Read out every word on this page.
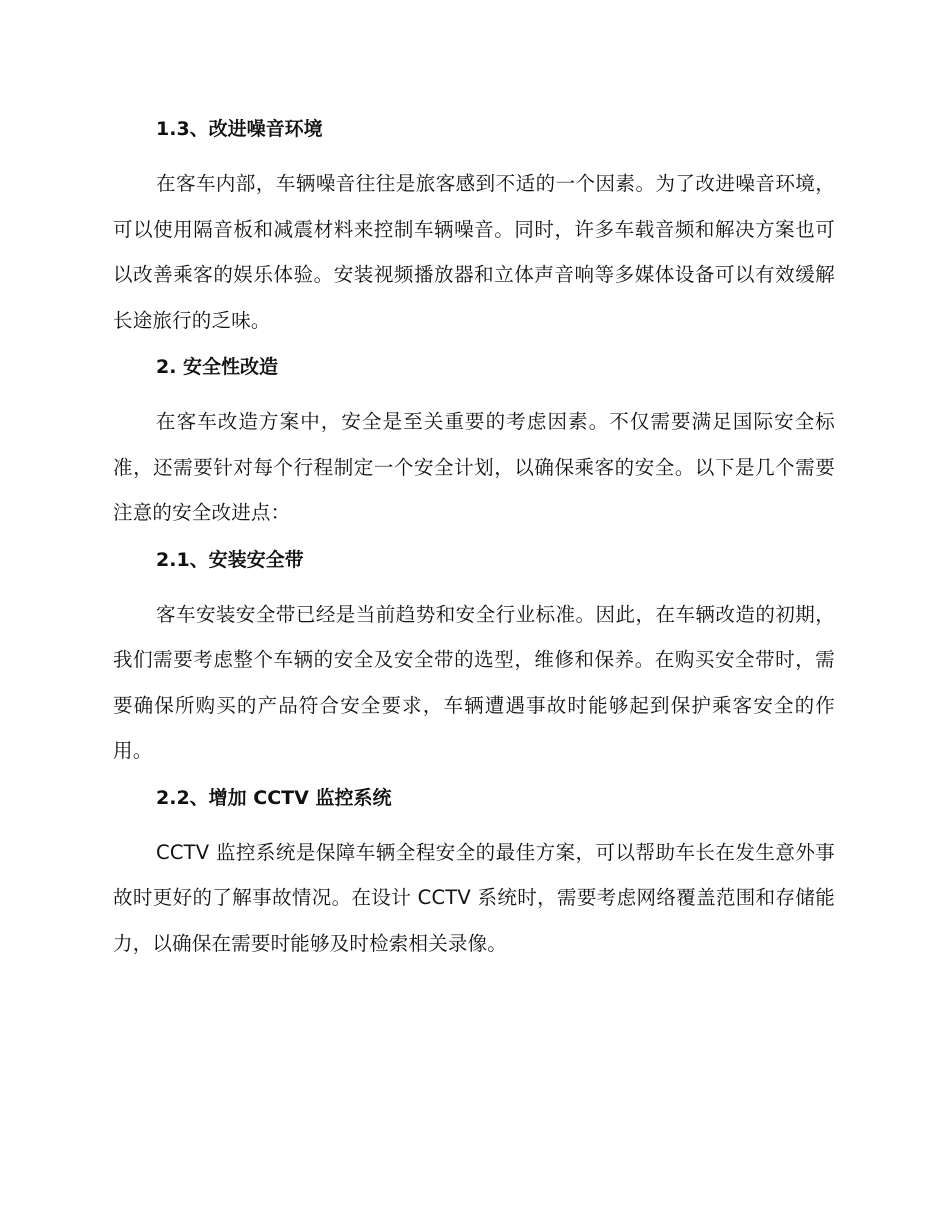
1.3、改进噪音环境

在客车内部，车辆噪音往往是旅客感到不适的一个因素。为了改进噪音环境，可以使用隔音板和减震材料来控制车辆噪音。同时，许多车载音频和解决方案也可以改善乘客的娱乐体验。安装视频播放器和立体声音响等多媒体设备可以有效缓解长途旅行的乏味。

2. 安全性改造

在客车改造方案中，安全是至关重要的考虑因素。不仅需要满足国际安全标准，还需要针对每个行程制定一个安全计划，以确保乘客的安全。以下是几个需要注意的安全改进点：

2.1、安装安全带

客车安装安全带已经是当前趋势和安全行业标准。因此，在车辆改造的初期，我们需要考虑整个车辆的安全及安全带的选型，维修和保养。在购买安全带时，需要确保所购买的产品符合安全要求，车辆遭遇事故时能够起到保护乘客安全的作用。

2.2、增加 CCTV 监控系统

CCTV 监控系统是保障车辆全程安全的最佳方案，可以帮助车长在发生意外事故时更好的了解事故情况。在设计 CCTV 系统时，需要考虑网络覆盖范围和存储能力，以确保在需要时能够及时检索相关录像。
